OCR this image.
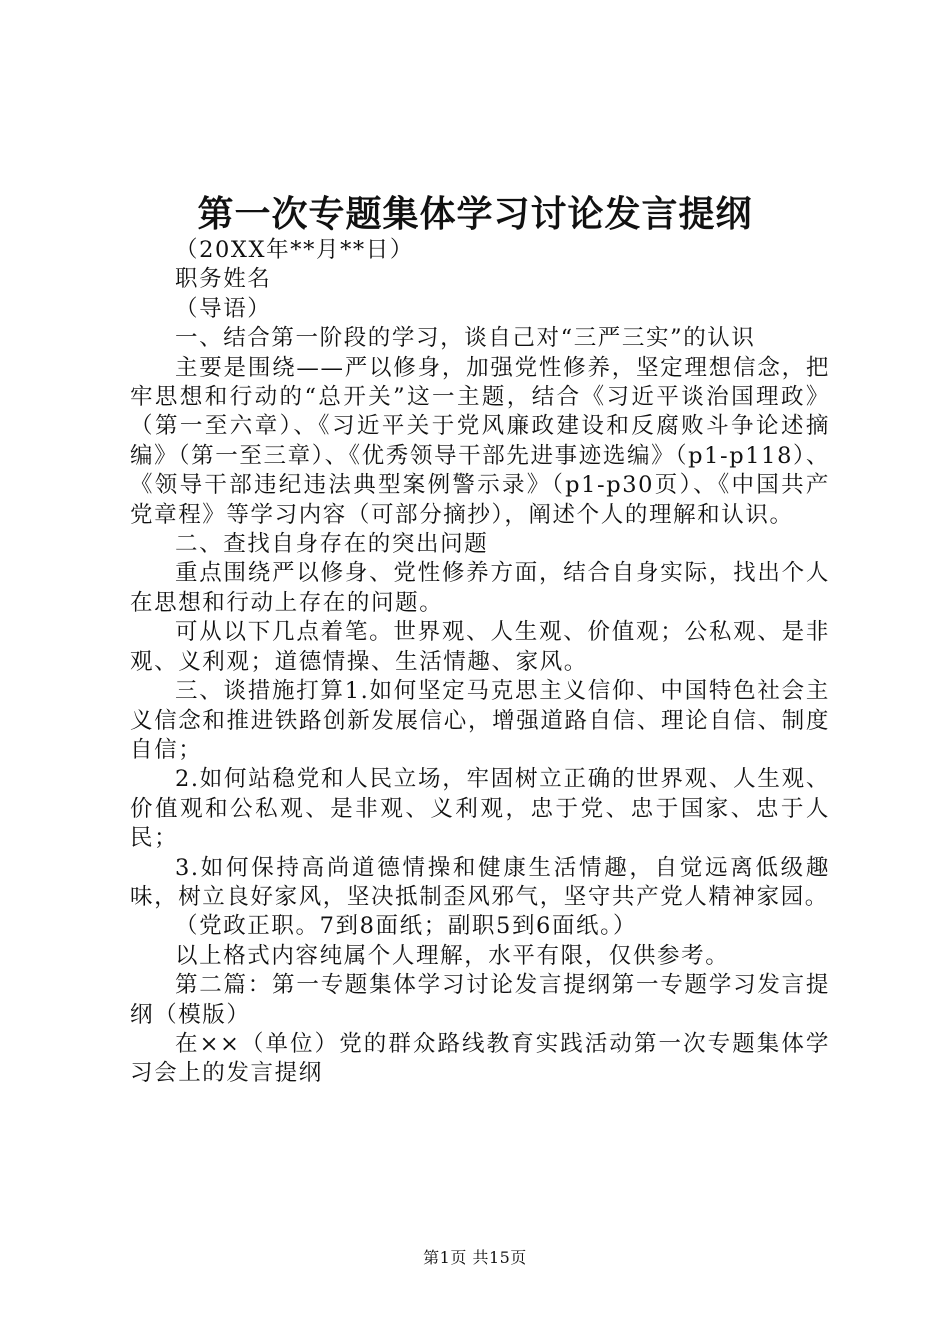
第一次专题集体学习讨论发言提纲

（20XX年**月**日）

职务姓名

（导语）

一、结合第一阶段的学习，谈自己对“三严三实”的认识

主要是围绕——严以修身，加强党性修养，坚定理想信念，把牢思想和行动的“总开关”这一主题，结合《习近平谈治国理政》（第一至六章）、《习近平关于党风廉政建设和反腐败斗争论述摘编》（第一至三章）、《优秀领导干部先进事迹选编》（p1-p118）、《领导干部违纪违法典型案例警示录》（p1-p30页）、《中国共产党章程》等学习内容（可部分摘抄），阐述个人的理解和认识。

二、查找自身存在的突出问题

重点围绕严以修身、党性修养方面，结合自身实际，找出个人在思想和行动上存在的问题。

可从以下几点着笔。世界观、人生观、价值观；公私观、是非观、义利观；道德情操、生活情趣、家风。

三、谈措施打算1.如何坚定马克思主义信仰、中国特色社会主义信念和推进铁路创新发展信心，增强道路自信、理论自信、制度自信；

2.如何站稳党和人民立场，牢固树立正确的世界观、人生观、价值观和公私观、是非观、义利观，忠于党、忠于国家、忠于人民；

3.如何保持高尚道德情操和健康生活情趣，自觉远离低级趣味，树立良好家风，坚决抵制歪风邪气，坚守共产党人精神家园。

（党政正职。7到8面纸；副职5到6面纸。）

以上格式内容纯属个人理解，水平有限，仅供参考。

第二篇：第一专题集体学习讨论发言提纲第一专题学习发言提纲（模版）

在××（单位）党的群众路线教育实践活动第一次专题集体学习会上的发言提纲

第1页 共15页
